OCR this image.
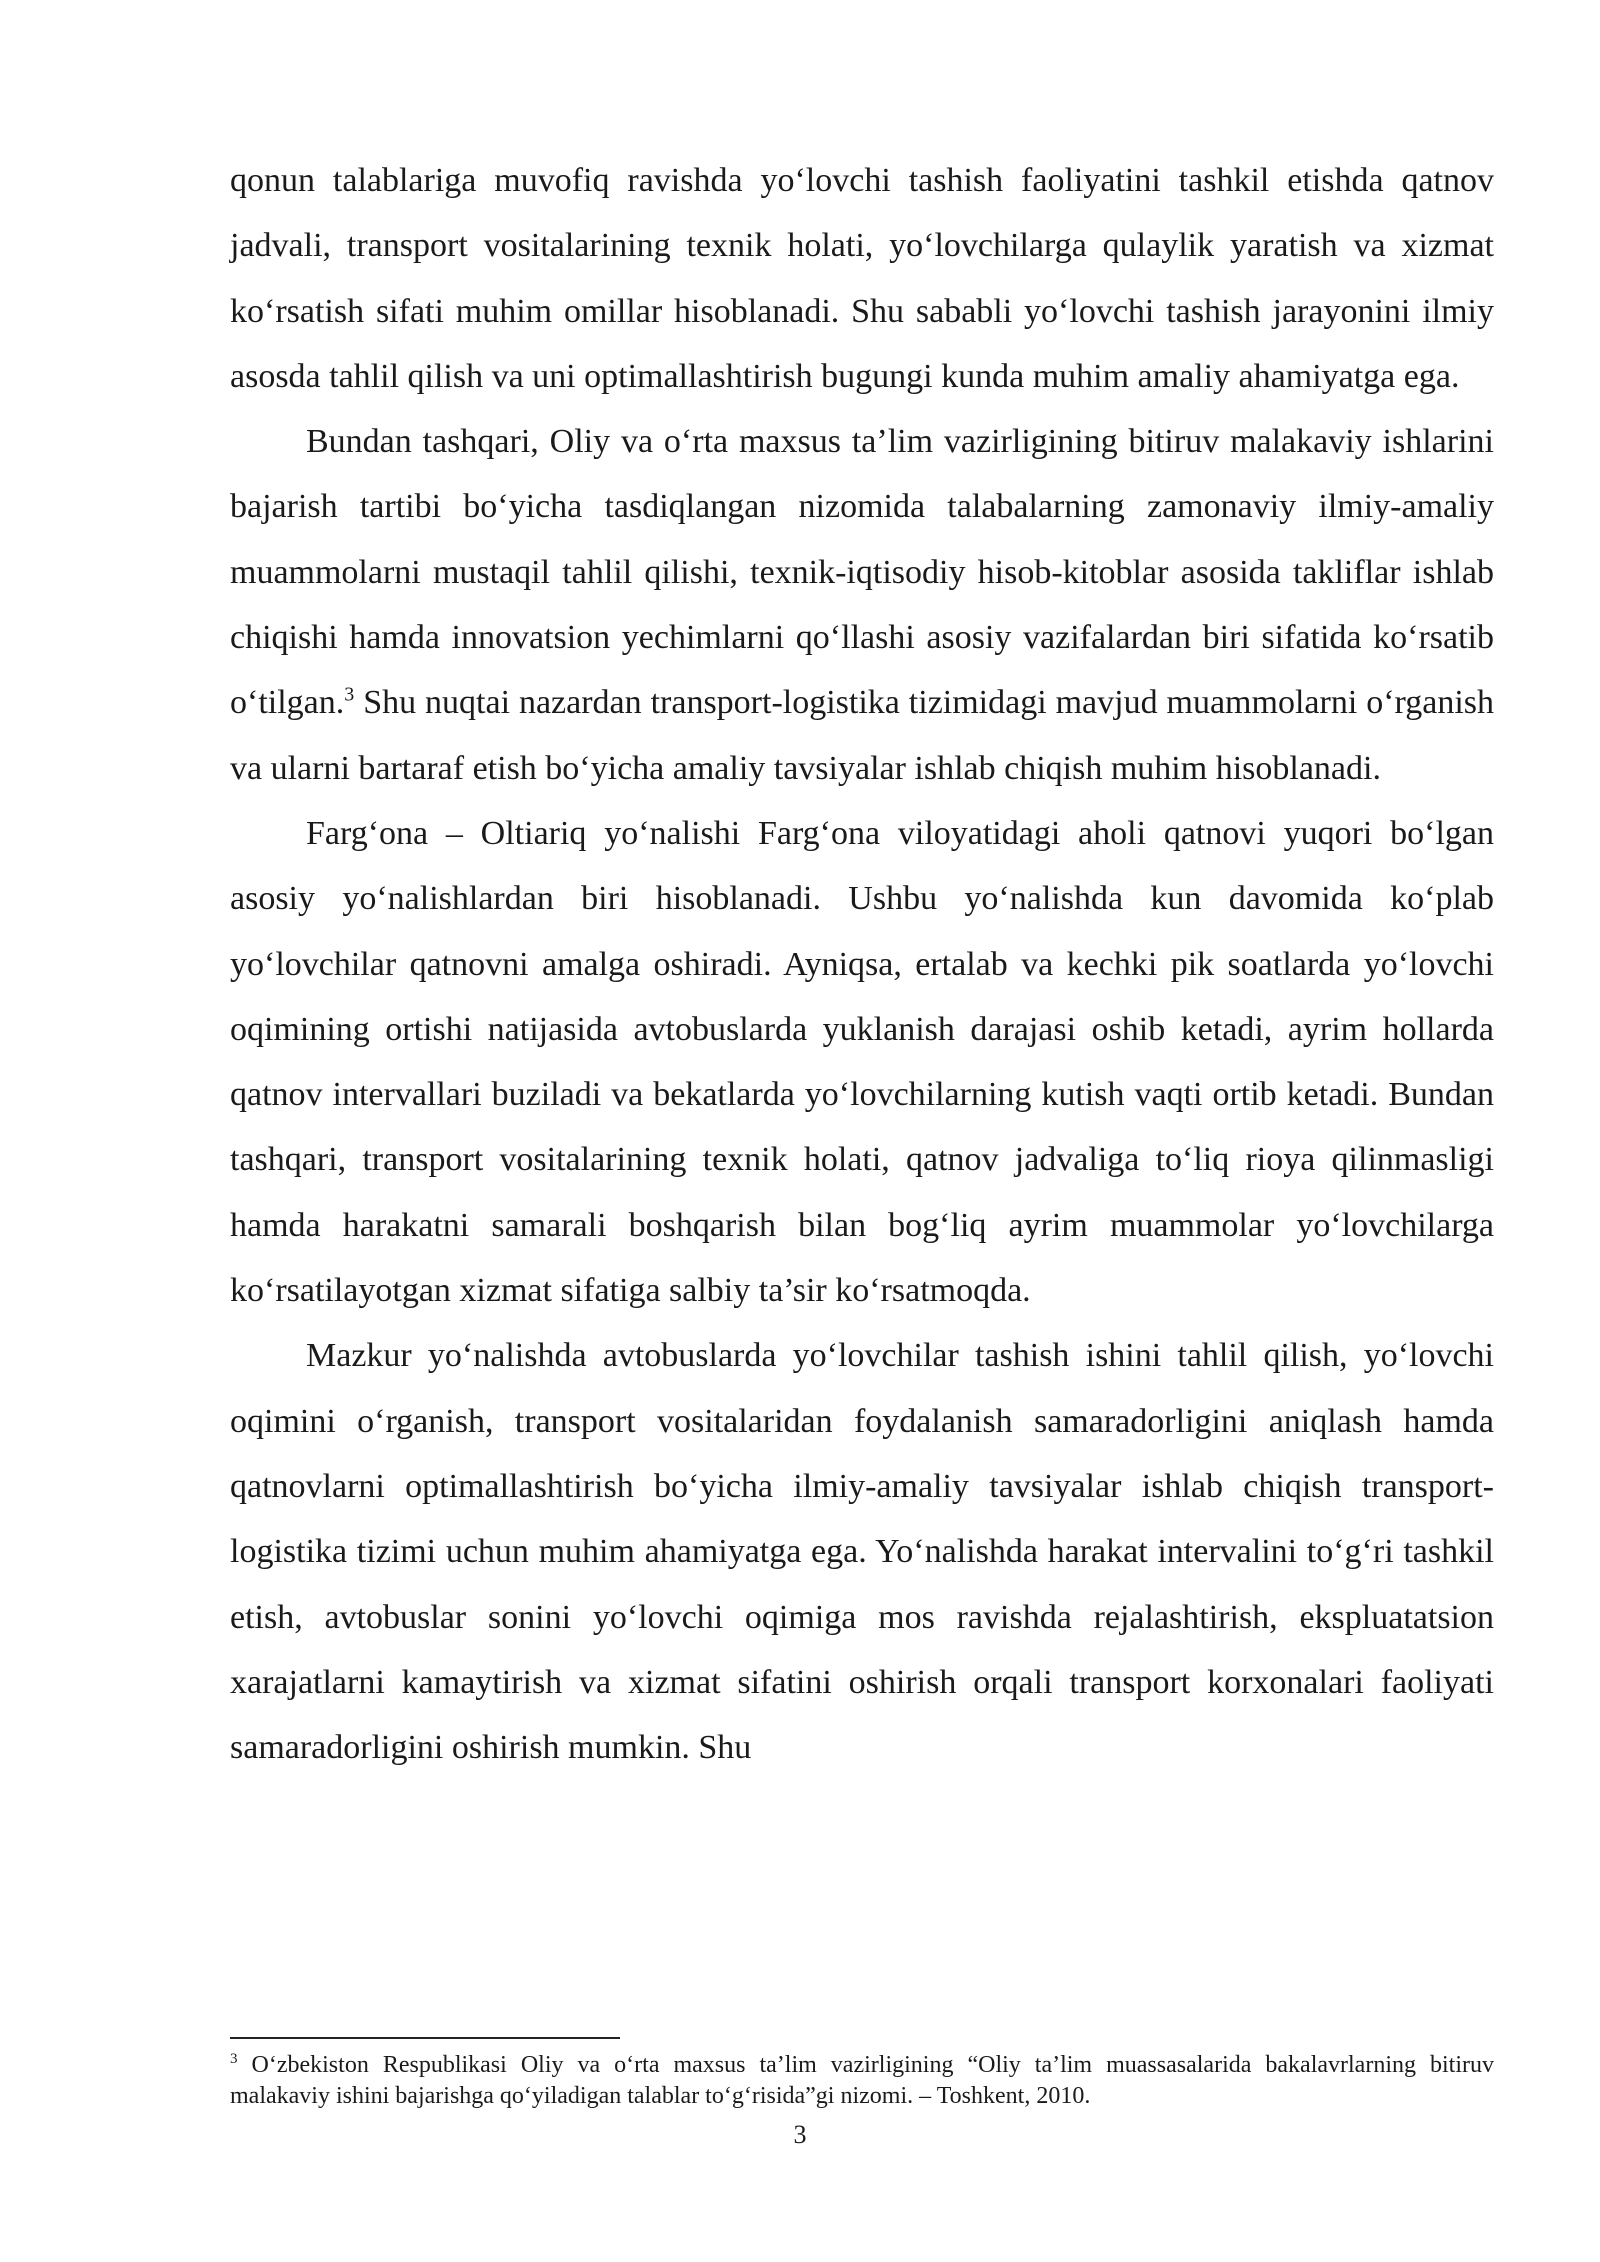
qonun talablariga muvofiq ravishda yo‘lovchi tashish faoliyatini tashkil etishda qatnov jadvali, transport vositalarining texnik holati, yo‘lovchilarga qulaylik yaratish va xizmat ko‘rsatish sifati muhim omillar hisoblanadi. Shu sababli yo‘lovchi tashish jarayonini ilmiy asosda tahlil qilish va uni optimallashtirish bugungi kunda muhim amaliy ahamiyatga ega.

Bundan tashqari, Oliy va o‘rta maxsus ta’lim vazirligining bitiruv malakaviy ishlarini bajarish tartibi bo‘yicha tasdiqlangan nizomida talabalarning zamonaviy ilmiy-amaliy muammolarni mustaqil tahlil qilishi, texnik-iqtisodiy hisob-kitoblar asosida takliflar ishlab chiqishi hamda innovatsion yechimlarni qo‘llashi asosiy vazifalardan biri sifatida ko‘rsatib o‘tilgan.$^3$ Shu nuqtai nazardan transport-logistika tizimidagi mavjud muammolarni o‘rganish va ularni bartaraf etish bo‘yicha amaliy tavsiyalar ishlab chiqish muhim hisoblanadi.

Farg‘ona – Oltiariq yo‘nalishi Farg‘ona viloyatidagi aholi qatnovi yuqori bo‘lgan asosiy yo‘nalishlardan biri hisoblanadi. Ushbu yo‘nalishda kun davomida ko‘plab yo‘lovchilar qatnovni amalga oshiradi. Ayniqsa, ertalab va kechki pik soatlarda yo‘lovchi oqimining ortishi natijasida avtobuslarda yuklanish darajasi oshib ketadi, ayrim hollarda qatnov intervallari buziladi va bekatlarda yo‘lovchilarning kutish vaqti ortib ketadi. Bundan tashqari, transport vositalarining texnik holati, qatnov jadvaliga to‘liq rioya qilinmasligi hamda harakatni samarali boshqarish bilan bog‘liq ayrim muammolar yo‘lovchilarga ko‘rsatilayotgan xizmat sifatiga salbiy ta’sir ko‘rsatmoqda.

Mazkur yo‘nalishda avtobuslarda yo‘lovchilar tashish ishini tahlil qilish, yo‘lovchi oqimini o‘rganish, transport vositalaridan foydalanish samaradorligini aniqlash hamda qatnovlarni optimallashtirish bo‘yicha ilmiy-amaliy tavsiyalar ishlab chiqish transport-logistika tizimi uchun muhim ahamiyatga ega. Yo‘nalishda harakat intervalini to‘g‘ri tashkil etish, avtobuslar sonini yo‘lovchi oqimiga mos ravishda rejalashtirish, ekspluatatsion xarajatlarni kamaytirish va xizmat sifatini oshirish orqali transport korxonalari faoliyati samaradorligini oshirish mumkin. Shu

$^3$ O‘zbekiston Respublikasi Oliy va o‘rta maxsus ta’lim vazirligining “Oliy ta’lim muassasalarida bakalavrlarning bitiruv malakaviy ishini bajarishga qo‘yiladigan talablar to‘g‘risida”gi nizomi. – Toshkent, 2010.
3
